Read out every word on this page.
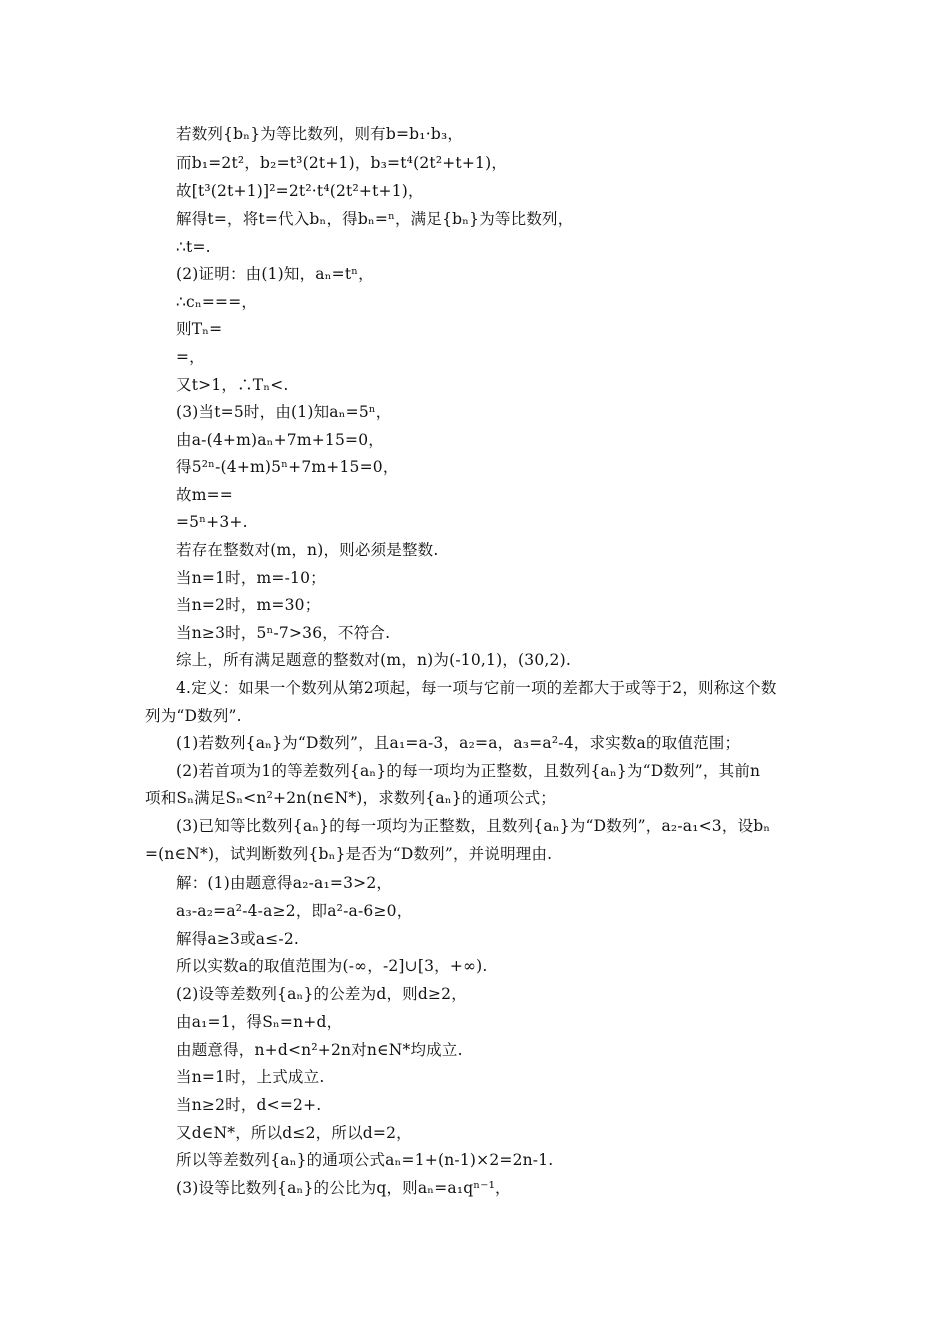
若数列{bₙ}为等比数列，则有b=b₁·b₃，
而b₁=2t²，b₂=t³(2t+1)，b₃=t⁴(2t²+t+1)，
故[t³(2t+1)]²=2t²·t⁴(2t²+t+1)，
解得t=，将t=代入bₙ，得bₙ=ⁿ，满足{bₙ}为等比数列，
∴t=.
(2)证明：由(1)知，aₙ=tⁿ，
∴cₙ===，
则Tₙ=
=，
又t>1，∴Tₙ<.
(3)当t=5时，由(1)知aₙ=5ⁿ，
由a-(4+m)aₙ+7m+15=0，
得5²ⁿ-(4+m)5ⁿ+7m+15=0，
故m==
=5ⁿ+3+.
若存在整数对(m，n)，则必须是整数.
当n=1时，m=-10；
当n=2时，m=30；
当n≥3时，5ⁿ-7>36，不符合.
综上，所有满足题意的整数对(m，n)为(-10,1)，(30,2).
4.定义：如果一个数列从第2项起，每一项与它前一项的差都大于或等于2，则称这个数
列为“D数列”.
(1)若数列{aₙ}为“D数列”，且a₁=a-3，a₂=a，a₃=a²-4，求实数a的取值范围；
(2)若首项为1的等差数列{aₙ}的每一项均为正整数，且数列{aₙ}为“D数列”，其前n
项和Sₙ满足Sₙ<n²+2n(n∈N*)，求数列{aₙ}的通项公式；
(3)已知等比数列{aₙ}的每一项均为正整数，且数列{aₙ}为“D数列”，a₂-a₁<3，设bₙ
=(n∈N*)，试判断数列{bₙ}是否为“D数列”，并说明理由.
解：(1)由题意得a₂-a₁=3>2，
a₃-a₂=a²-4-a≥2，即a²-a-6≥0，
解得a≥3或a≤-2.
所以实数a的取值范围为(-∞，-2]∪[3，+∞).
(2)设等差数列{aₙ}的公差为d，则d≥2，
由a₁=1，得Sₙ=n+d，
由题意得，n+d<n²+2n对n∈N*均成立.
当n=1时，上式成立.
当n≥2时，d<=2+.
又d∈N*，所以d≤2，所以d=2，
所以等差数列{aₙ}的通项公式aₙ=1+(n-1)×2=2n-1.
(3)设等比数列{aₙ}的公比为q，则aₙ=a₁qⁿ⁻¹，
